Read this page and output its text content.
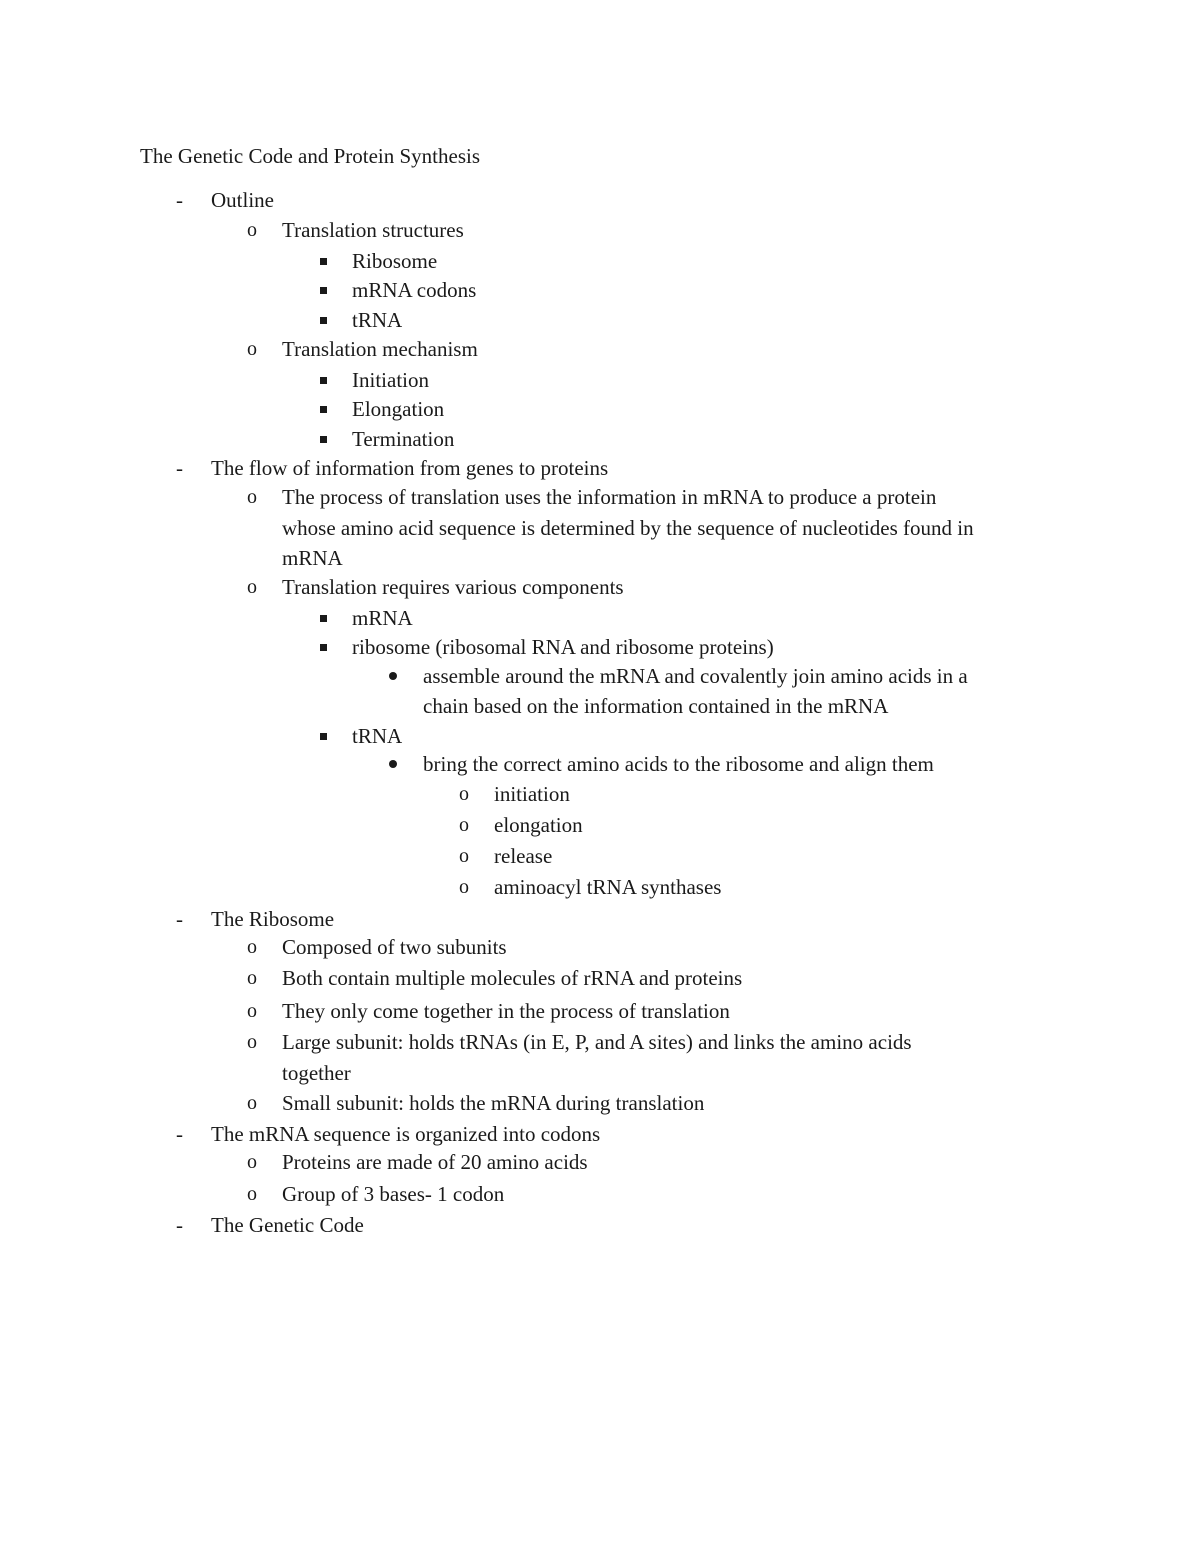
The Genetic Code and Protein Synthesis
- Outline
o Translation structures
Ribosome
mRNA codons
tRNA
o Translation mechanism
Initiation
Elongation
Termination
- The flow of information from genes to proteins
o The process of translation uses the information in mRNA to produce a protein
whose amino acid sequence is determined by the sequence of nucleotides found in
mRNA
o Translation requires various components
mRNA
ribosome (ribosomal RNA and ribosome proteins)
assemble around the mRNA and covalently join amino acids in a
chain based on the information contained in the mRNA
tRNA
bring the correct amino acids to the ribosome and align them
o initiation
o elongation
o release
o aminoacyl tRNA synthases
- The Ribosome
o Composed of two subunits
o Both contain multiple molecules of rRNA and proteins
o They only come together in the process of translation
o Large subunit: holds tRNAs (in E, P, and A sites) and links the amino acids
together
o Small subunit: holds the mRNA during translation
- The mRNA sequence is organized into codons
o Proteins are made of 20 amino acids
o Group of 3 bases- 1 codon
- The Genetic Code
